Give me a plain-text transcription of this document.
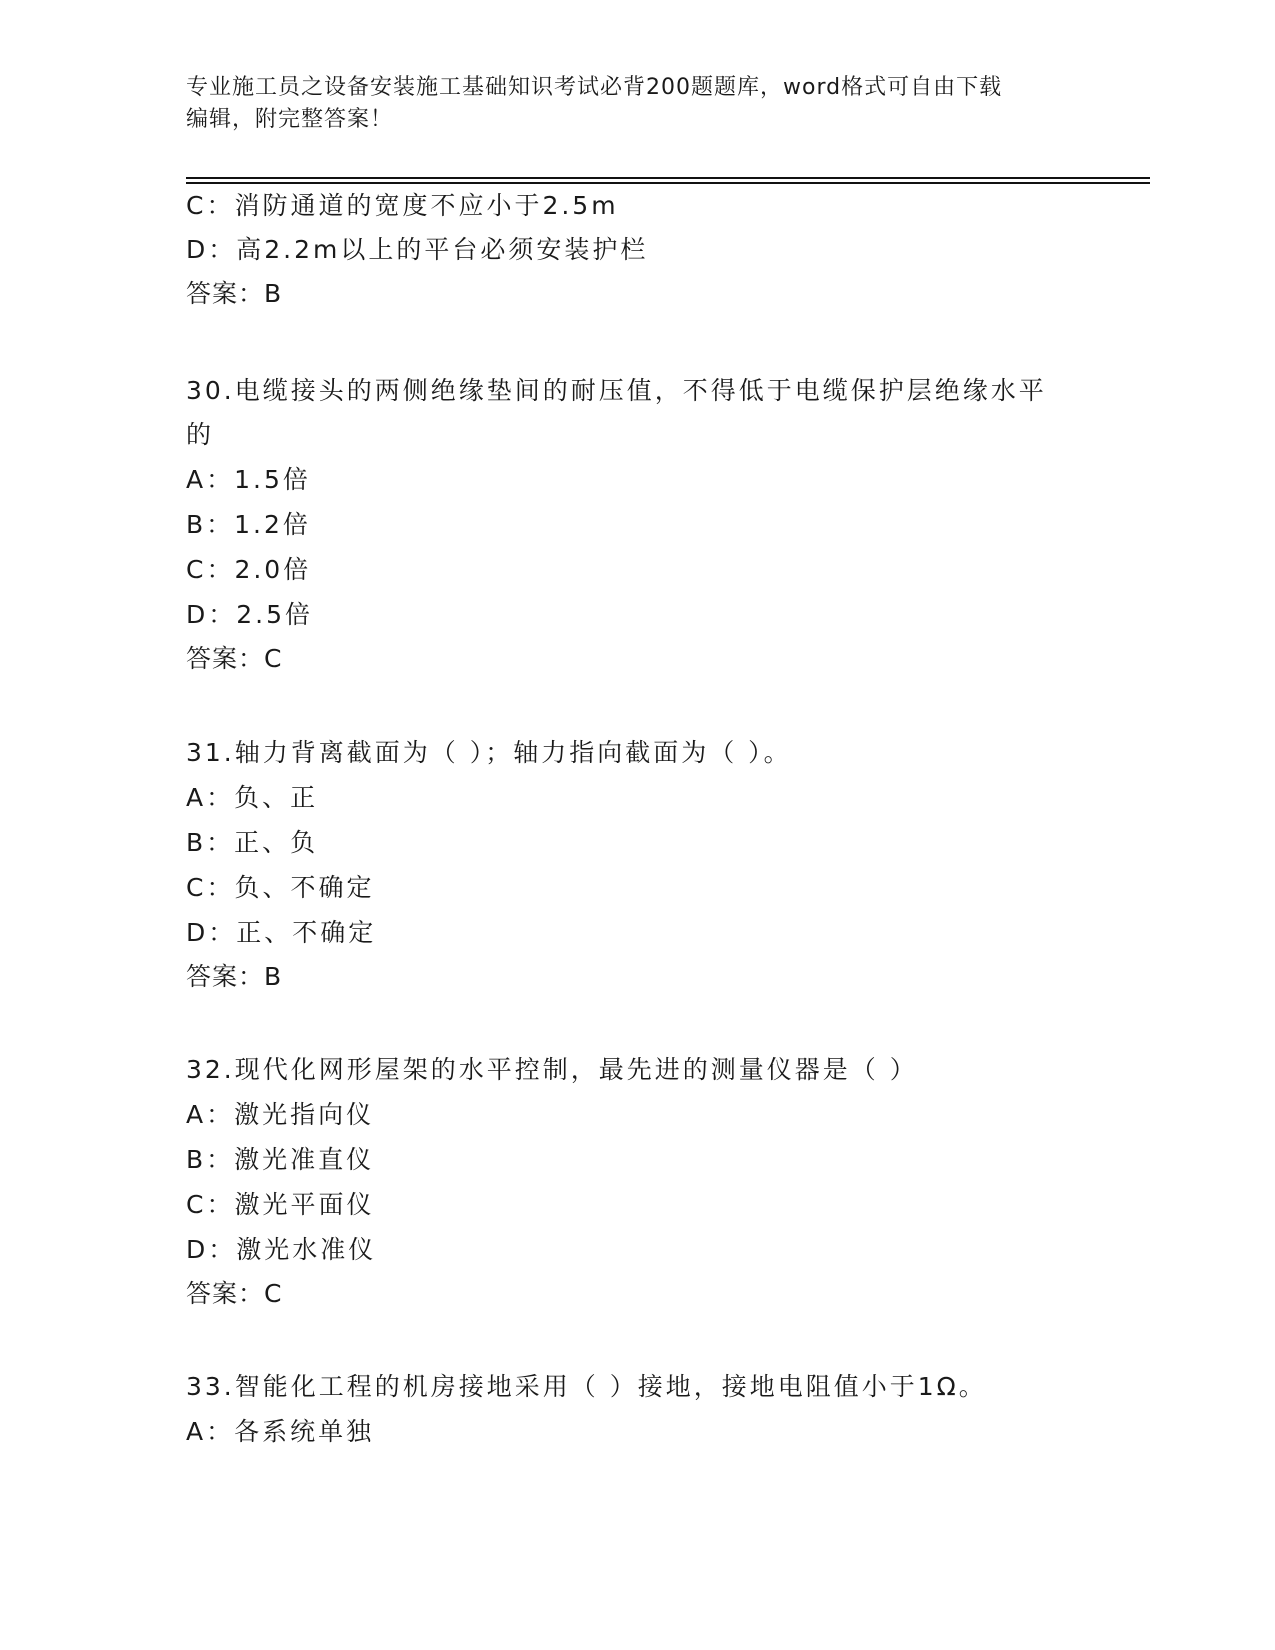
专业施工员之设备安装施工基础知识考试必背200题题库，word格式可自由下载
编辑，附完整答案！
C：消防通道的宽度不应小于2.5m
D：高2.2m以上的平台必须安装护栏
答案：B
30.电缆接头的两侧绝缘垫间的耐压值，不得低于电缆保护层绝缘水平
的
A：1.5倍
B：1.2倍
C：2.0倍
D：2.5倍
答案：C
31.轴力背离截面为（ ）；轴力指向截面为（ ）。
A：负、正
B：正、负
C：负、不确定
D：正、不确定
答案：B
32.现代化网形屋架的水平控制，最先进的测量仪器是（ ）
A：激光指向仪
B：激光准直仪
C：激光平面仪
D：激光水准仪
答案：C
33.智能化工程的机房接地采用（ ）接地，接地电阻值小于1Ω。
A：各系统单独
